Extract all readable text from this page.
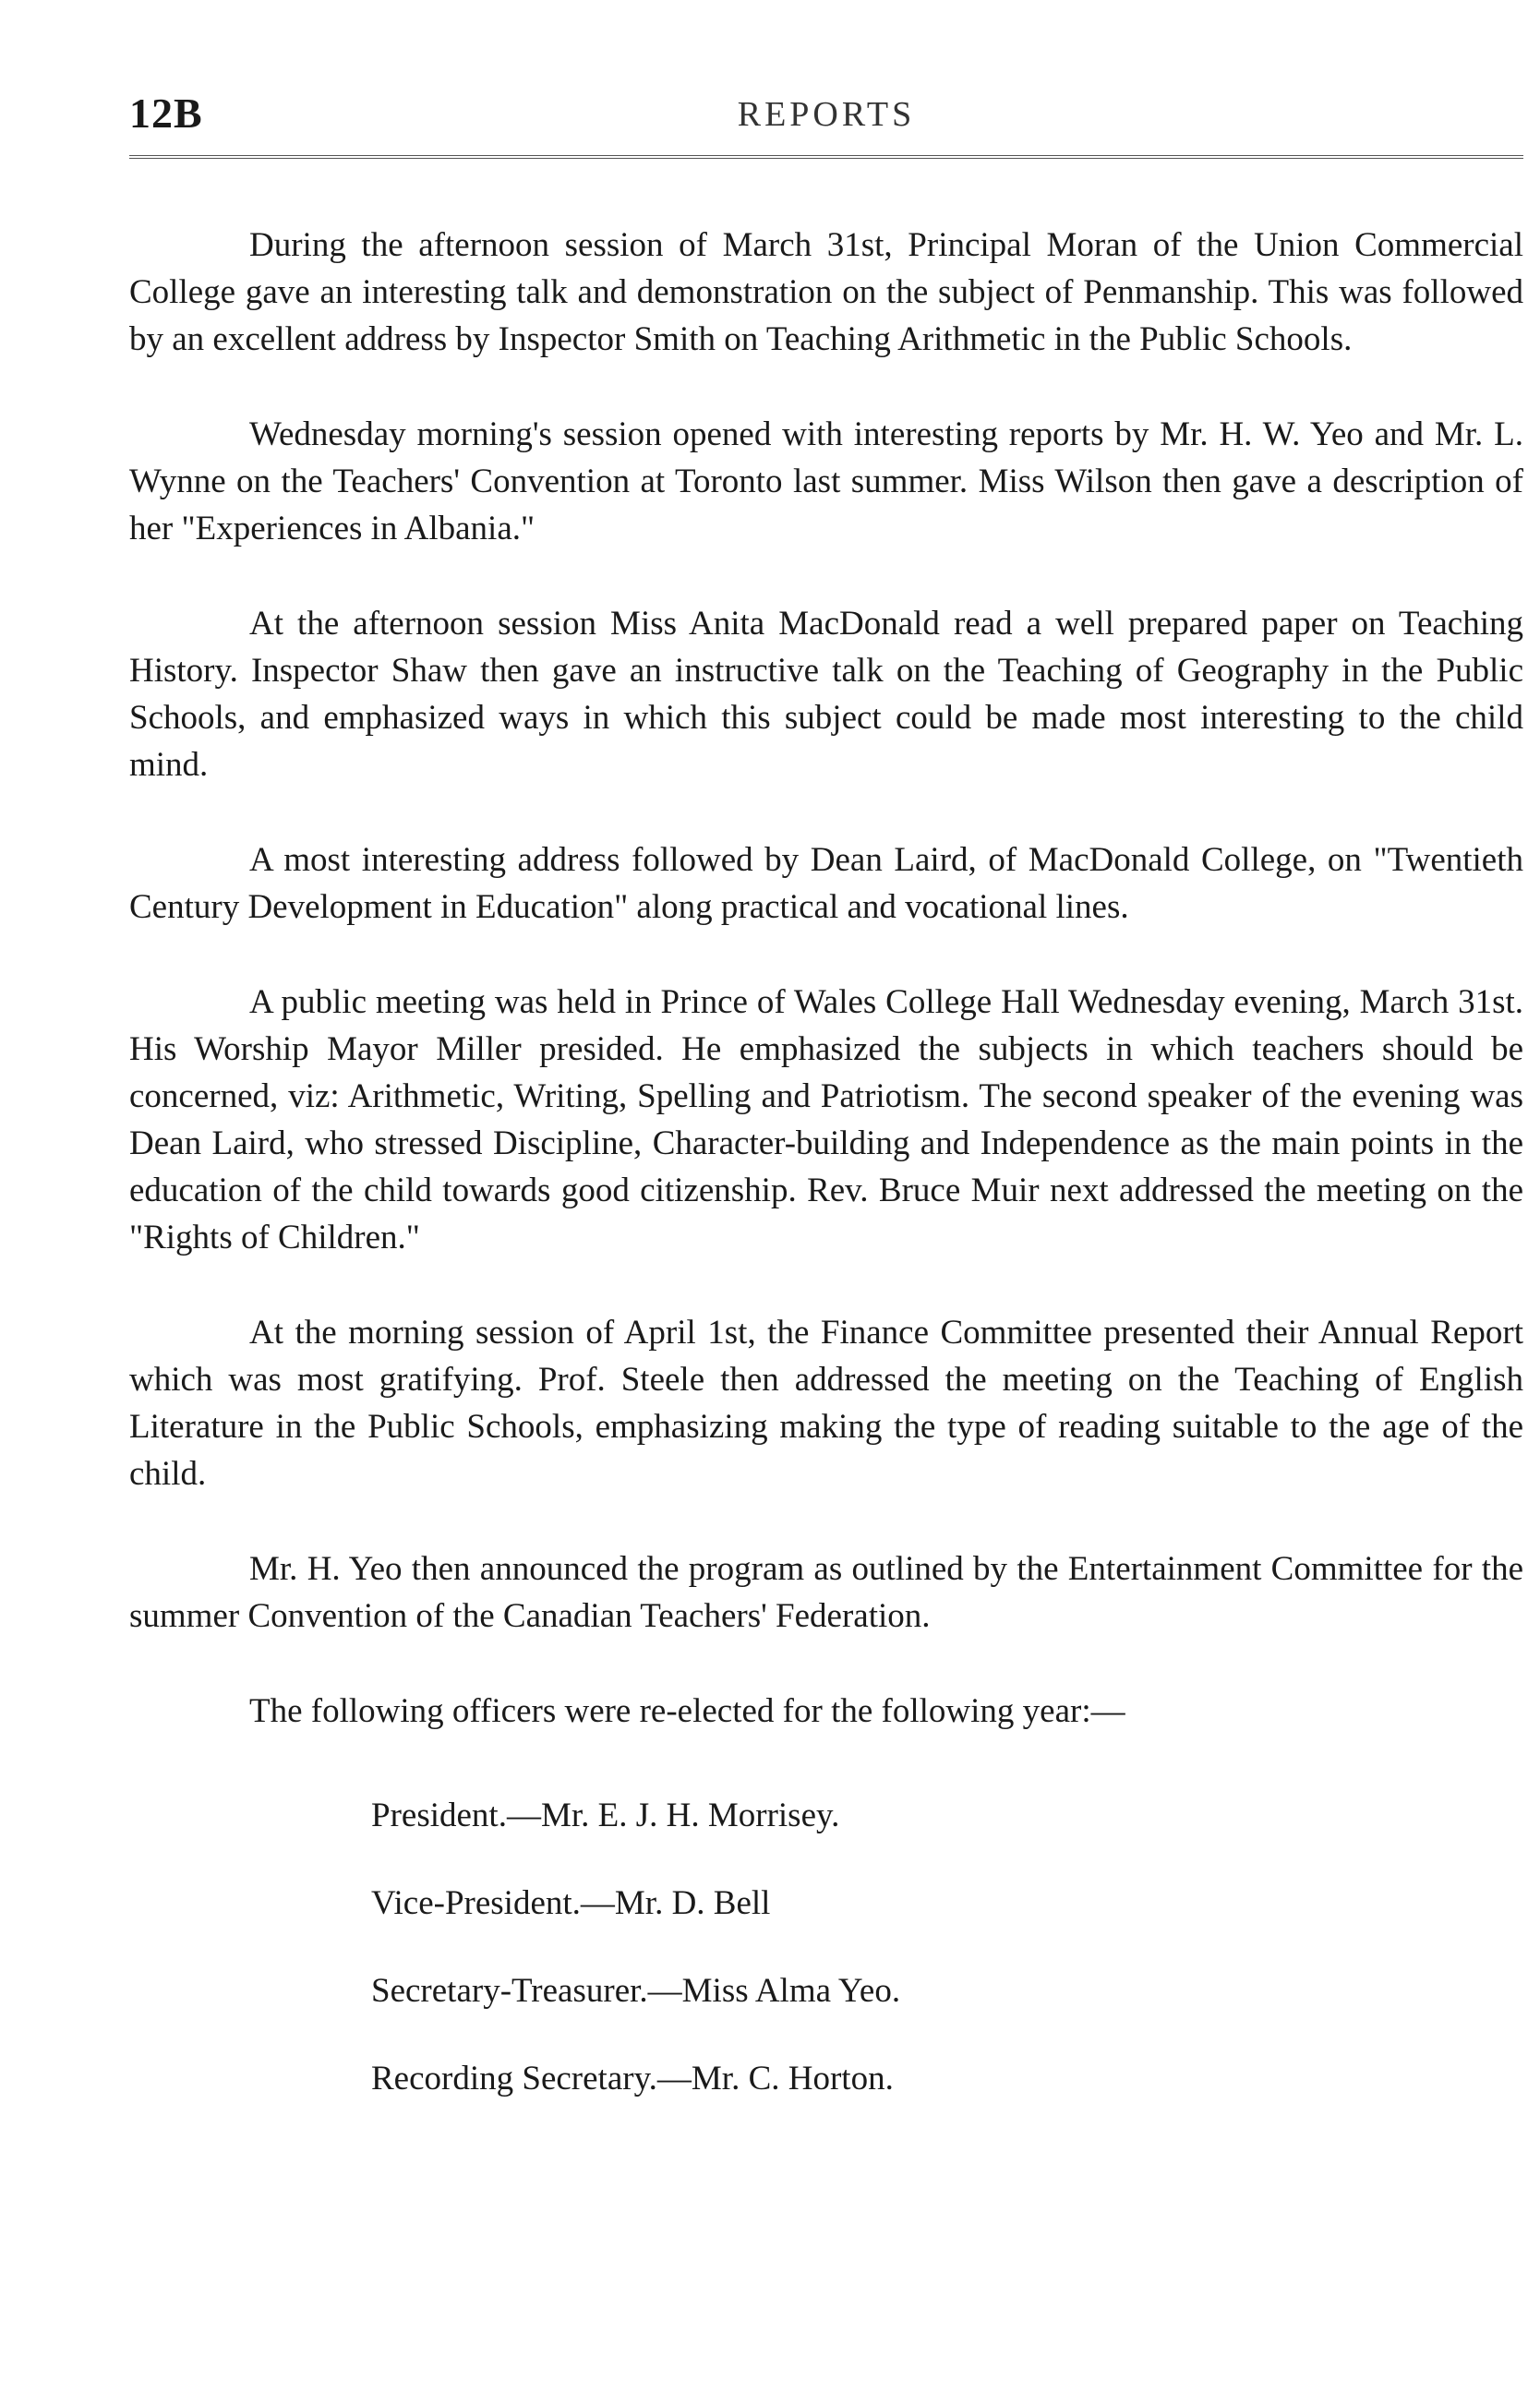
12B	REPORTS

During the afternoon session of March 31st, Principal Moran of the Union Commercial College gave an interesting talk and demonstration on the subject of Penmanship. This was followed by an excellent address by Inspector Smith on Teaching Arithmetic in the Public Schools.

Wednesday morning's session opened with interesting reports by Mr. H. W. Yeo and Mr. L. Wynne on the Teachers' Convention at Toronto last summer. Miss Wilson then gave a description of her "Experiences in Albania."

At the afternoon session Miss Anita MacDonald read a well prepared paper on Teaching History. Inspector Shaw then gave an instructive talk on the Teaching of Geography in the Public Schools, and emphasized ways in which this subject could be made most interesting to the child mind.

A most interesting address followed by Dean Laird, of MacDonald College, on "Twentieth Century Development in Education" along practical and vocational lines.

A public meeting was held in Prince of Wales College Hall Wednesday evening, March 31st. His Worship Mayor Miller presided. He emphasized the subjects in which teachers should be concerned, viz: Arithmetic, Writing, Spelling and Patriotism. The second speaker of the evening was Dean Laird, who stressed Discipline, Character-building and Independence as the main points in the education of the child towards good citizenship. Rev. Bruce Muir next addressed the meeting on the "Rights of Children."

At the morning session of April 1st, the Finance Committee presented their Annual Report which was most gratifying. Prof. Steele then addressed the meeting on the Teaching of English Literature in the Public Schools, emphasizing making the type of reading suitable to the age of the child.

Mr. H. Yeo then announced the program as outlined by the Entertainment Committee for the summer Convention of the Canadian Teachers' Federation.

The following officers were re-elected for the following year:—

President.—Mr. E. J. H. Morrisey.
Vice-President.—Mr. D. Bell
Secretary-Treasurer.—Miss Alma Yeo.
Recording Secretary.—Mr. C. Horton.
